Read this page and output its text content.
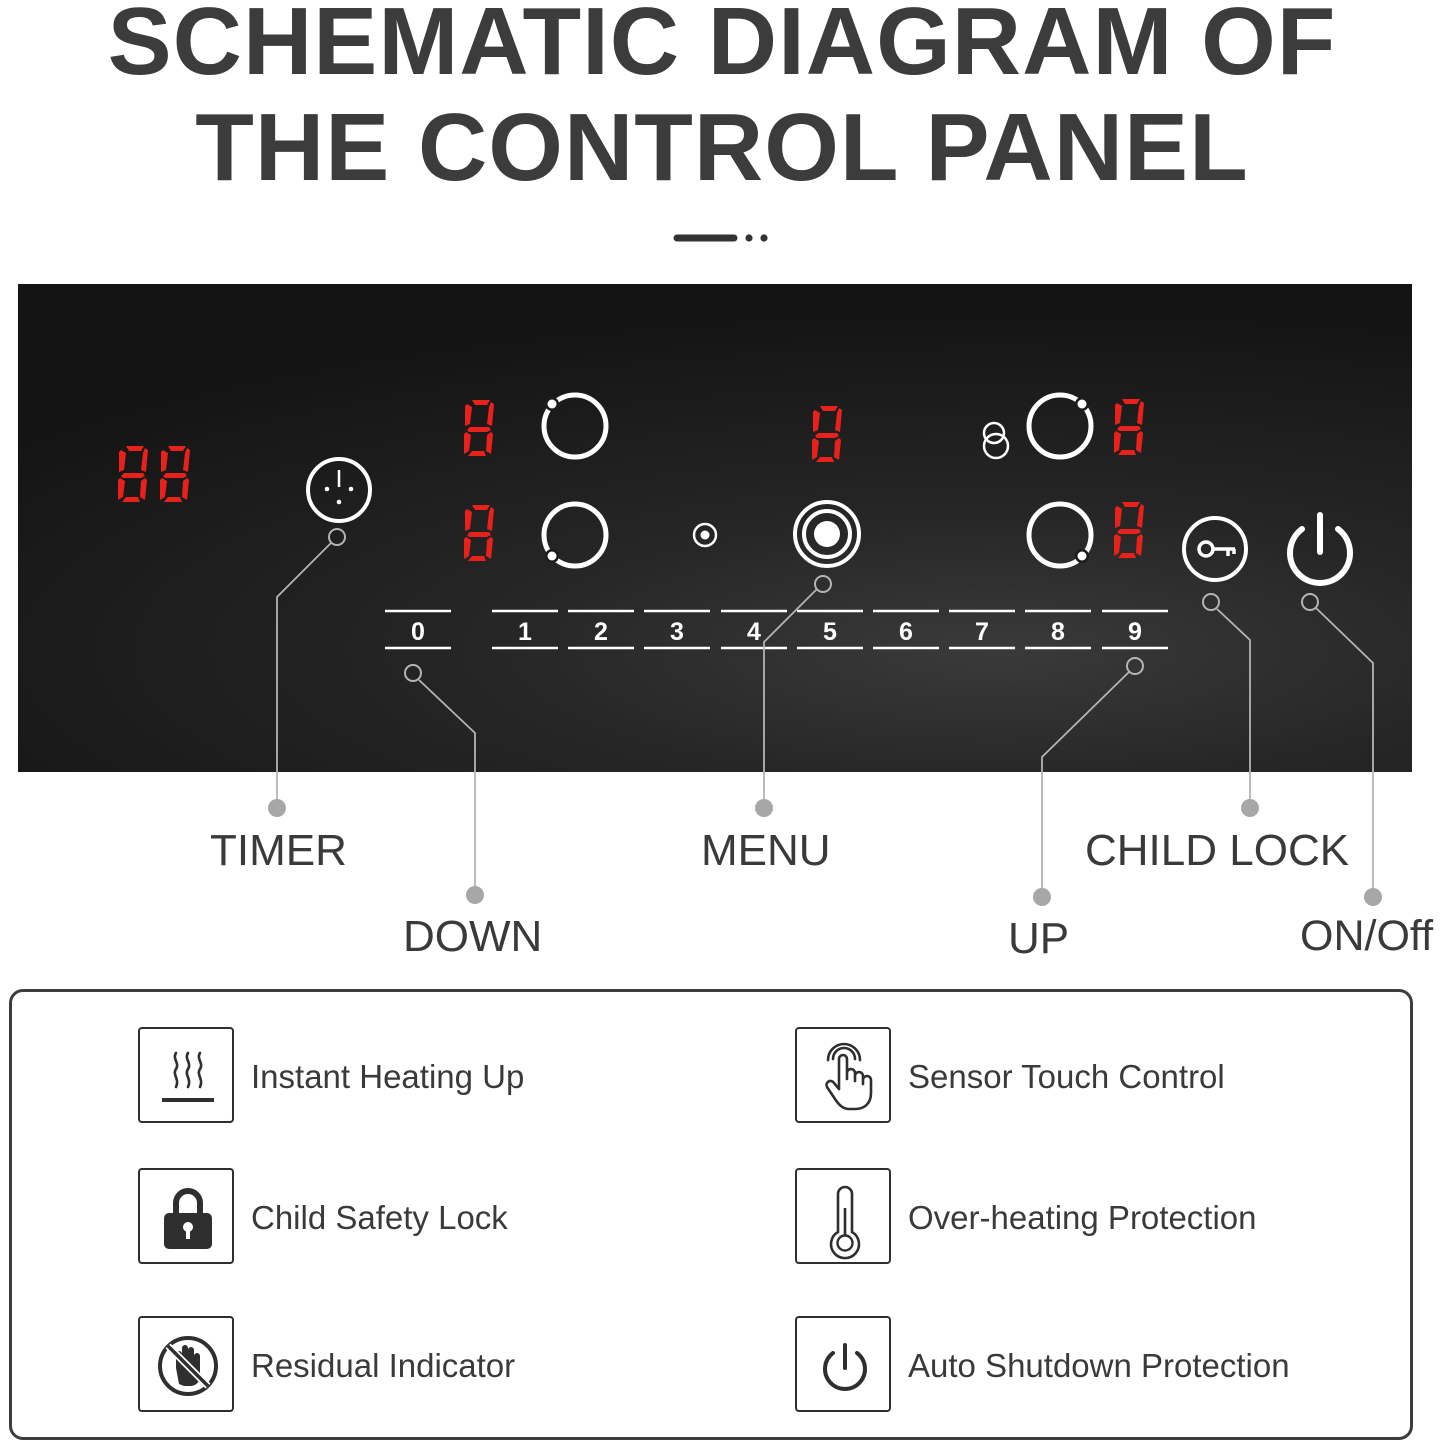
SCHEMATIC DIAGRAM OF
THE CONTROL PANEL
0	1 2 3	4 5 6 7 8	9
TIMER
DOWN
MENU	CHILD LOCK
UP	ON/Off
Instant Heating Up	Sensor Touch Control
Child Safety Lock	Over-heating Protection
Residual Indicator	Auto Shutdown Protection
